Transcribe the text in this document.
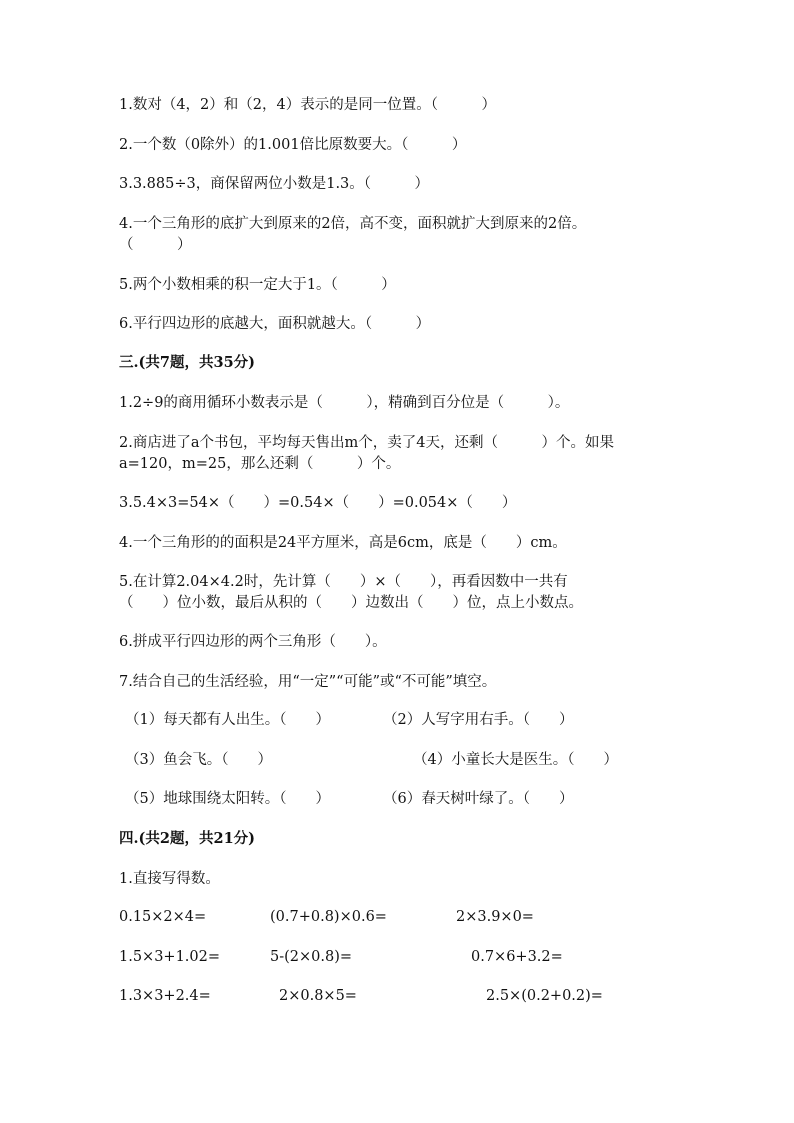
1.数对（4，2）和（2，4）表示的是同一位置。（　　　）
2.一个数（0除外）的1.001倍比原数要大。（　　　）
3.3.885÷3，商保留两位小数是1.3。（　　　）
4.一个三角形的底扩大到原来的2倍，高不变，面积就扩大到原来的2倍。
（　　　）
5.两个小数相乘的积一定大于1。（　　　）
6.平行四边形的底越大，面积就越大。（　　　）
三.(共7题，共35分)
1.2÷9的商用循环小数表示是（　　　），精确到百分位是（　　　）。
2.商店进了a个书包，平均每天售出m个，卖了4天，还剩（　　　）个。如果
a=120，m=25，那么还剩（　　　）个。
3.5.4×3=54×（　　）=0.54×（　　）=0.054×（　　）
4.一个三角形的的面积是24平方厘米，高是6cm，底是（　　）cm。
5.在计算2.04×4.2时，先计算（　　）×（　　），再看因数中一共有
（　　）位小数，最后从积的（　　）边数出（　　）位，点上小数点。
6.拼成平行四边形的两个三角形（　　）。
7.结合自己的生活经验，用“一定”“可能”或“不可能”填空。
（1）每天都有人出生。（　　）	（2）人写字用右手。（　　）
（3）鱼会飞。（　　）	（4）小童长大是医生。（　　）
（5）地球围绕太阳转。（　　）	（6）春天树叶绿了。（　　）
四.(共2题，共21分)
1.直接写得数。
0.15×2×4=	(0.7+0.8)×0.6=	2×3.9×0=
1.5×3+1.02=	5-(2×0.8)=	0.7×6+3.2=
1.3×3+2.4=	2×0.8×5=	2.5×(0.2+0.2)=
